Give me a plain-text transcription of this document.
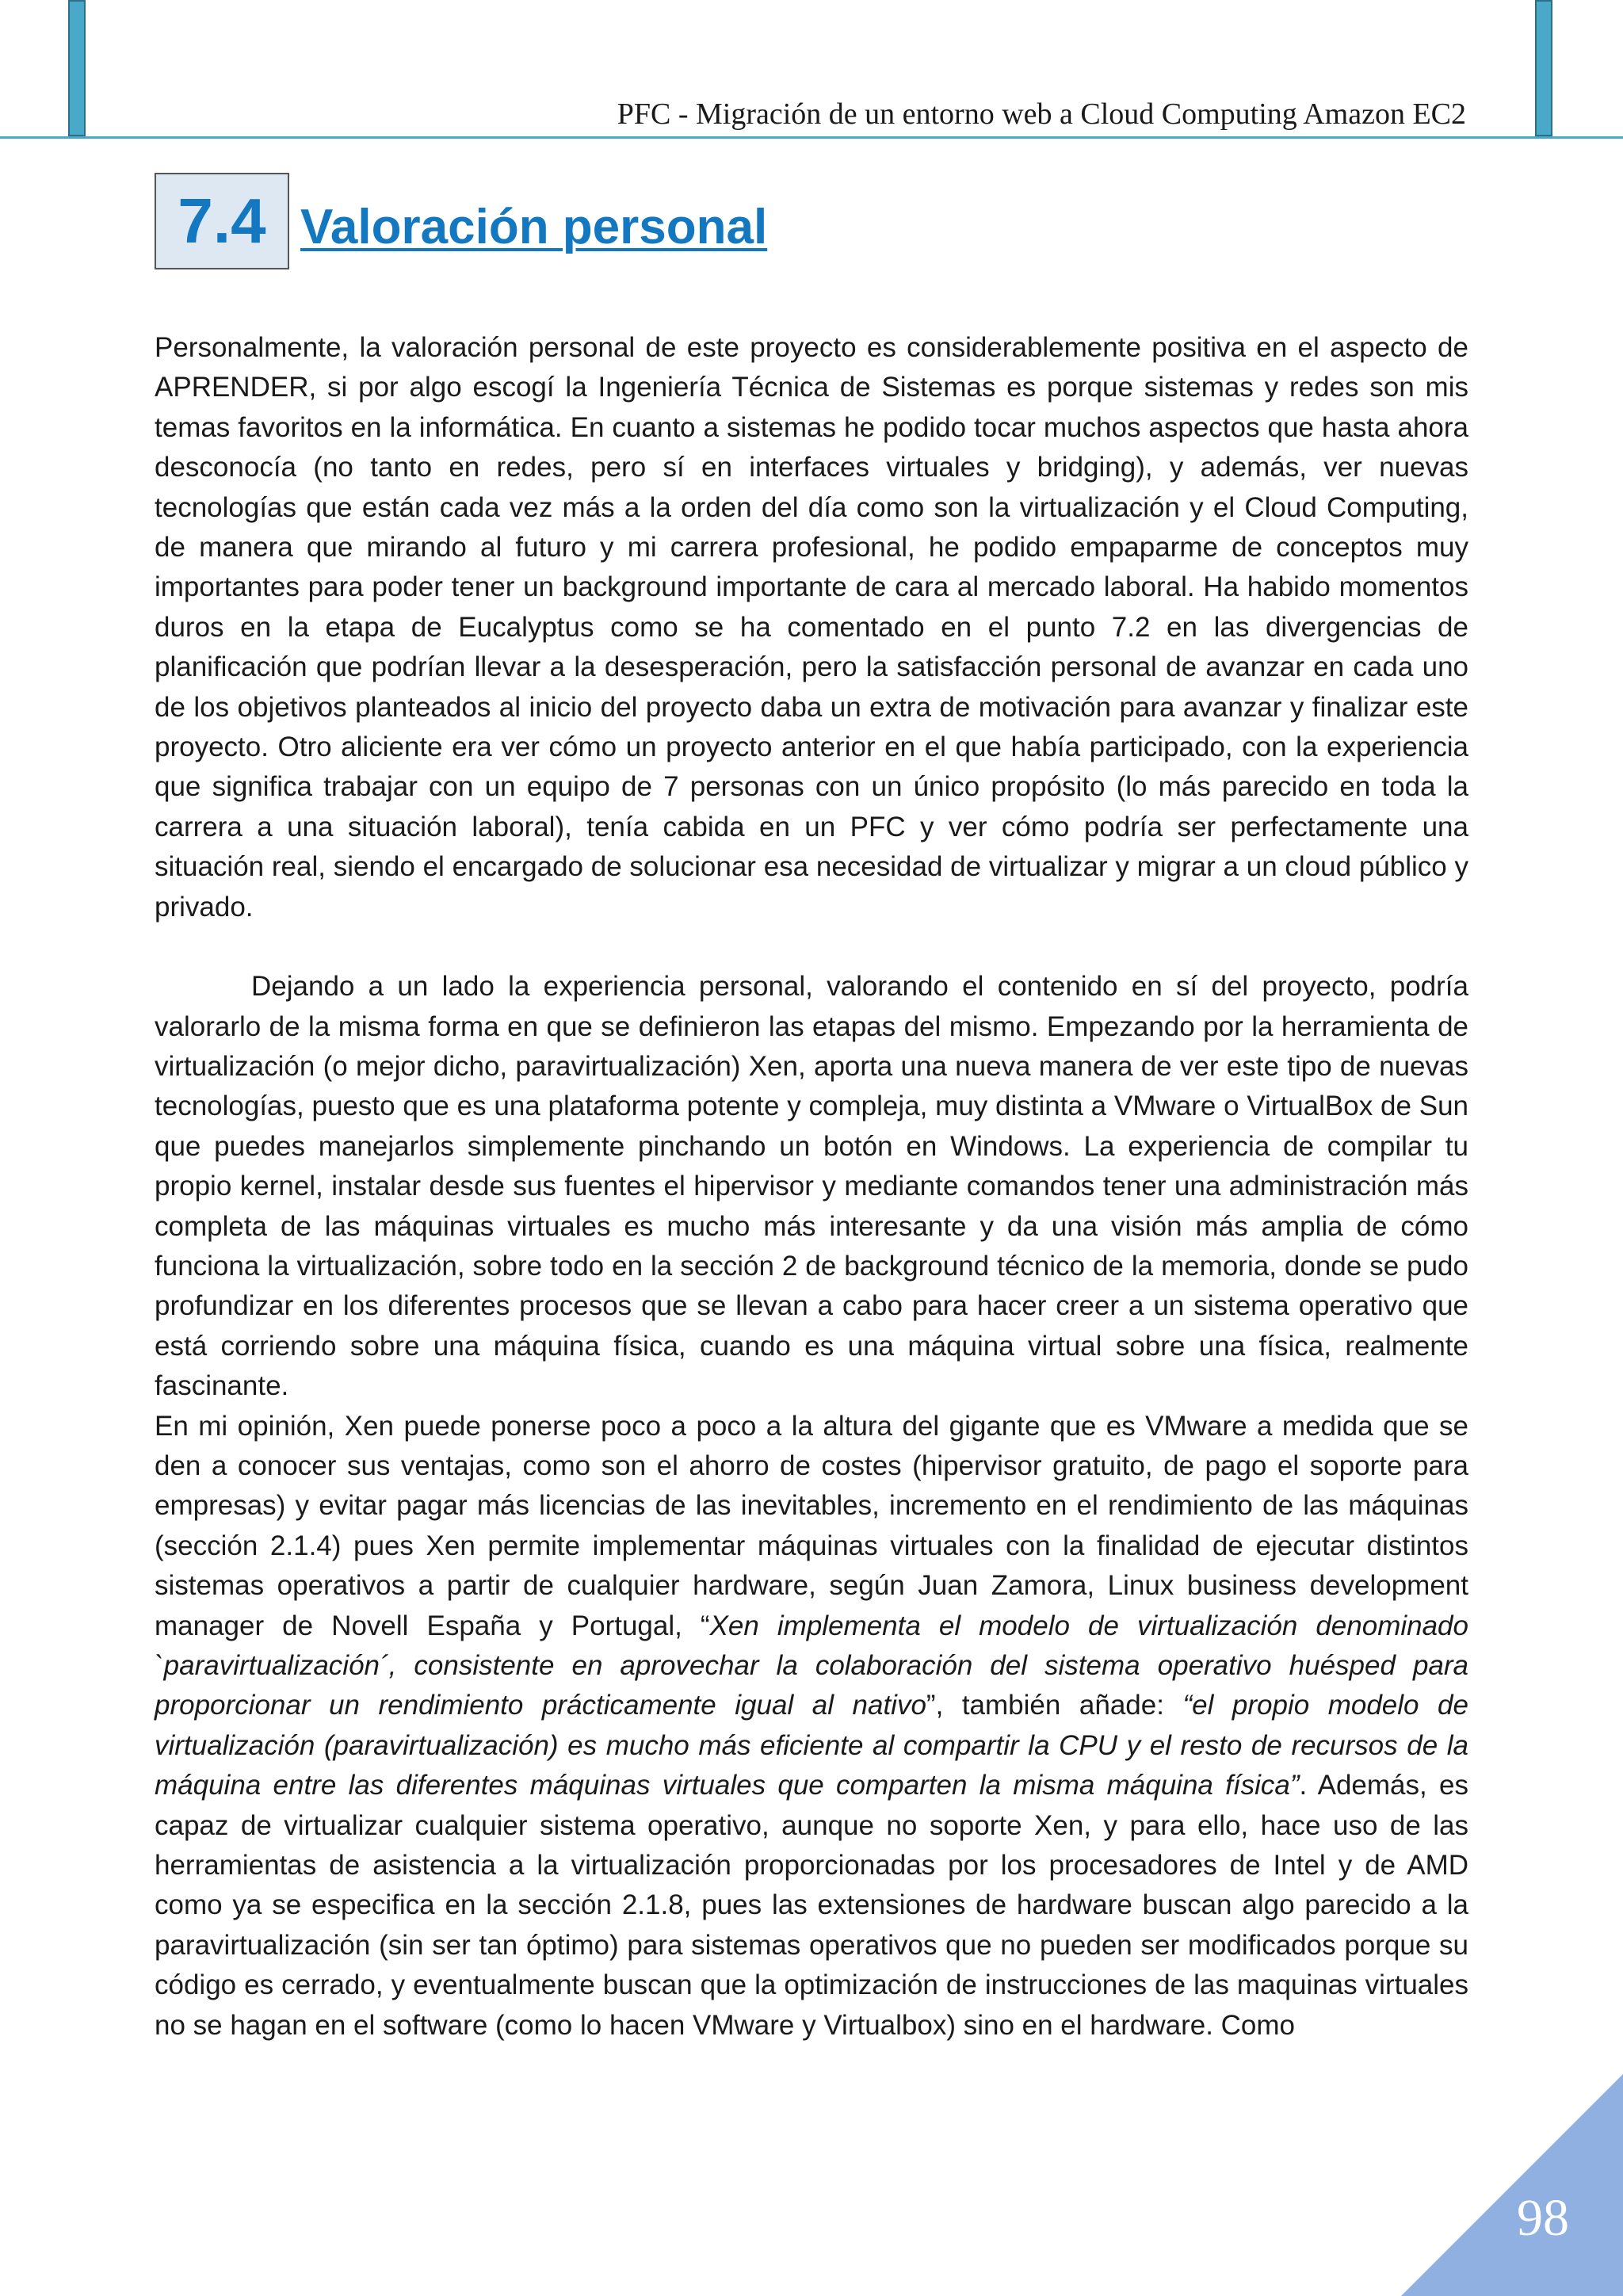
PFC - Migración de un entorno web a Cloud Computing Amazon EC2
7.4 Valoración personal

Personalmente, la valoración personal de este proyecto es considerablemente positiva en el aspecto de APRENDER, si por algo escogí la Ingeniería Técnica de Sistemas es porque sistemas y redes son mis temas favoritos en la informática. En cuanto a sistemas he podido tocar muchos aspectos que hasta ahora desconocía (no tanto en redes, pero sí en interfaces virtuales y bridging), y además, ver nuevas tecnologías que están cada vez más a la orden del día como son la virtualización y el Cloud Computing, de manera que mirando al futuro y mi carrera profesional, he podido empaparme de conceptos muy importantes para poder tener un background importante de cara al mercado laboral. Ha habido momentos duros en la etapa de Eucalyptus como se ha comentado en el punto 7.2 en las divergencias de planificación que podrían llevar a la desesperación, pero la satisfacción personal de avanzar en cada uno de los objetivos planteados al inicio del proyecto daba un extra de motivación para avanzar y finalizar este proyecto. Otro aliciente era ver cómo un proyecto anterior en el que había participado, con la experiencia que significa trabajar con un equipo de 7 personas con un único propósito (lo más parecido en toda la carrera a una situación laboral), tenía cabida en un PFC y ver cómo podría ser perfectamente una situación real, siendo el encargado de solucionar esa necesidad de virtualizar y migrar a un cloud público y privado.

Dejando a un lado la experiencia personal, valorando el contenido en sí del proyecto, podría valorarlo de la misma forma en que se definieron las etapas del mismo. Empezando por la herramienta de virtualización (o mejor dicho, paravirtualización) Xen, aporta una nueva manera de ver este tipo de nuevas tecnologías, puesto que es una plataforma potente y compleja, muy distinta a VMware o VirtualBox de Sun que puedes manejarlos simplemente pinchando un botón en Windows. La experiencia de compilar tu propio kernel, instalar desde sus fuentes el hipervisor y mediante comandos tener una administración más completa de las máquinas virtuales es mucho más interesante y da una visión más amplia de cómo funciona la virtualización, sobre todo en la sección 2 de background técnico de la memoria, donde se pudo profundizar en los diferentes procesos que se llevan a cabo para hacer creer a un sistema operativo que está corriendo sobre una máquina física, cuando es una máquina virtual sobre una física, realmente fascinante.

En mi opinión, Xen puede ponerse poco a poco a la altura del gigante que es VMware a medida que se den a conocer sus ventajas, como son el ahorro de costes (hipervisor gratuito, de pago el soporte para empresas) y evitar pagar más licencias de las inevitables, incremento en el rendimiento de las máquinas (sección 2.1.4) pues Xen permite implementar máquinas virtuales con la finalidad de ejecutar distintos sistemas operativos a partir de cualquier hardware, según Juan Zamora, Linux business development manager de Novell España y Portugal, “Xen implementa el modelo de virtualización denominado `paravirtualización´, consistente en aprovechar la colaboración del sistema operativo huésped para proporcionar un rendimiento prácticamente igual al nativo”, también añade: “el propio modelo de virtualización (paravirtualización) es mucho más eficiente al compartir la CPU y el resto de recursos de la máquina entre las diferentes máquinas virtuales que comparten la misma máquina física”. Además, es capaz de virtualizar cualquier sistema operativo, aunque no soporte Xen, y para ello, hace uso de las herramientas de asistencia a la virtualización proporcionadas por los procesadores de Intel y de AMD como ya se especifica en la sección 2.1.8, pues las extensiones de hardware buscan algo parecido a la paravirtualización (sin ser tan óptimo) para sistemas operativos que no pueden ser modificados porque su código es cerrado, y eventualmente buscan que la optimización de instrucciones de las maquinas virtuales no se hagan en el software (como lo hacen VMware y Virtualbox) sino en el hardware. Como

98
